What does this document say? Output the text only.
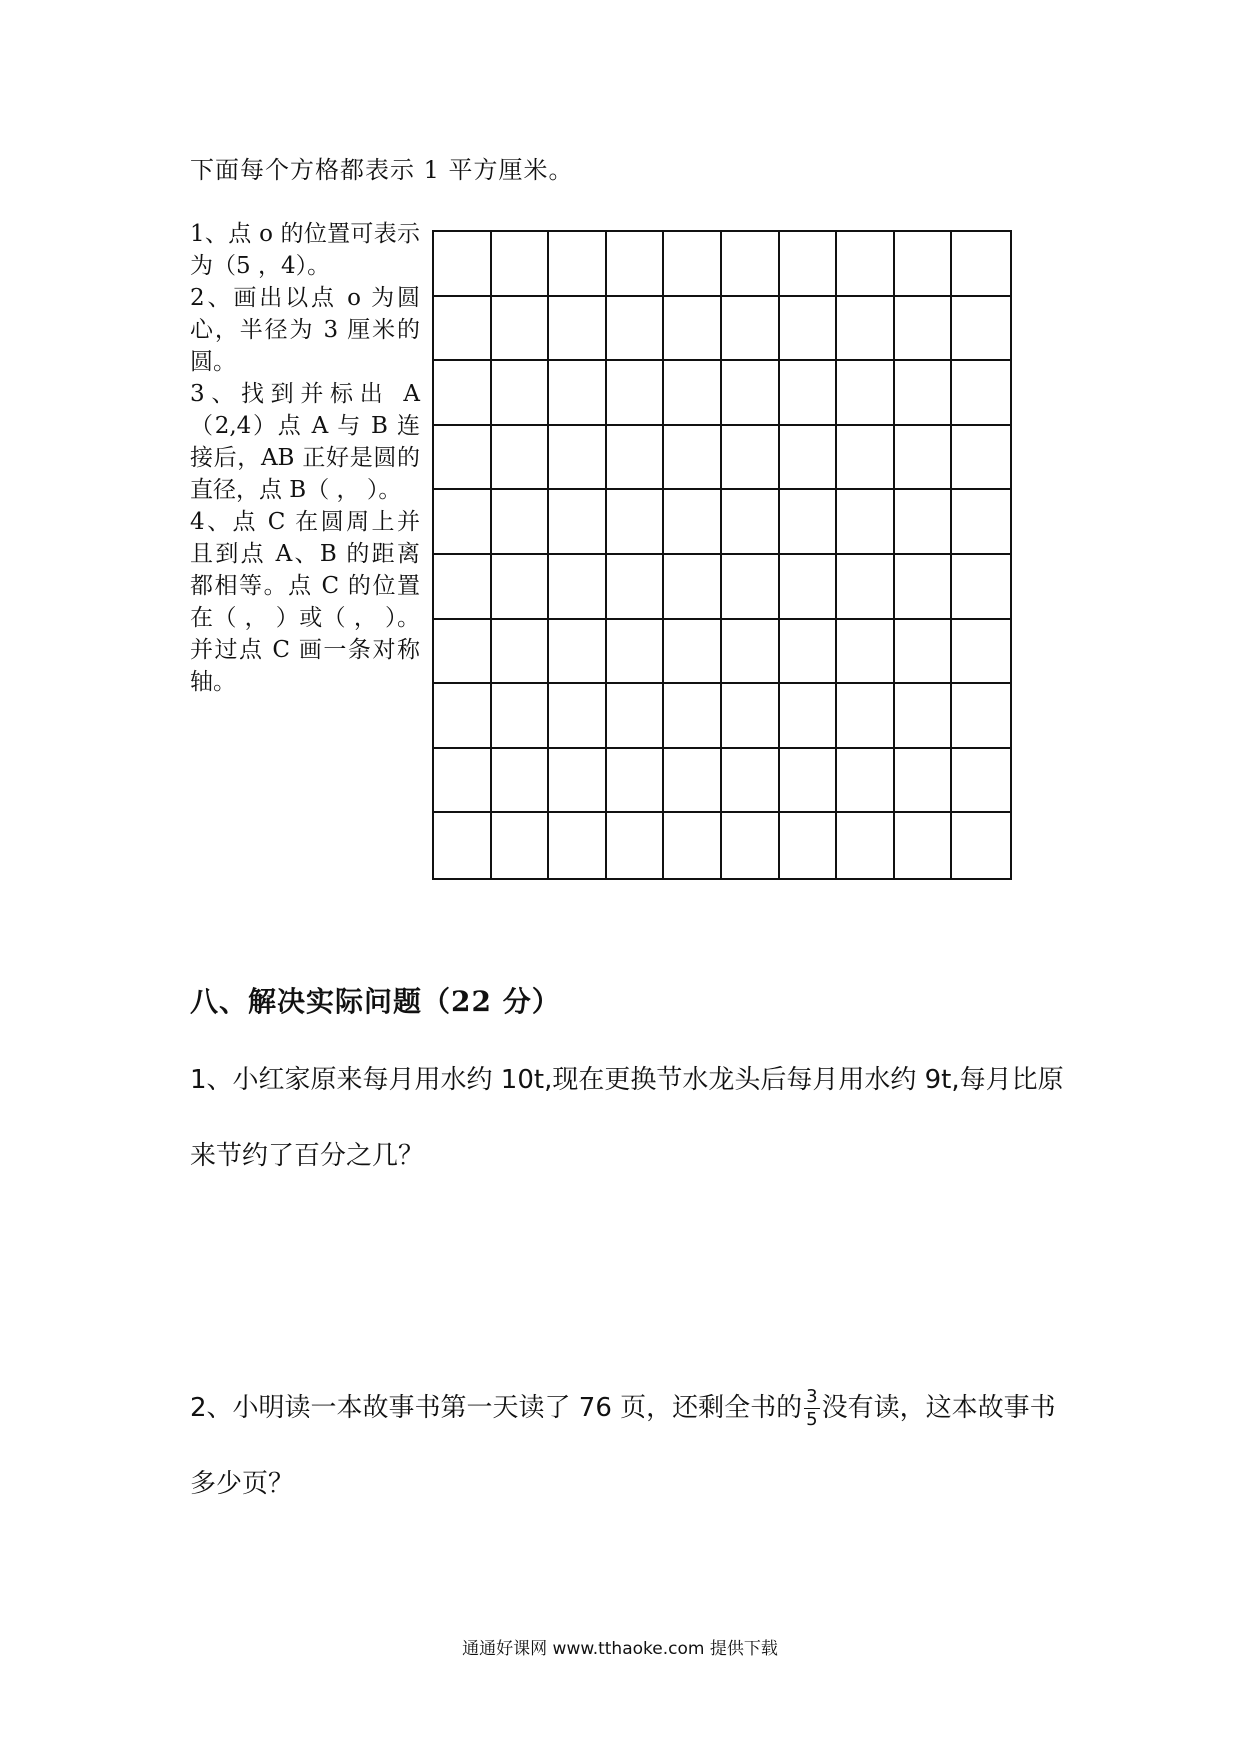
下面每个方格都表示 1 平方厘米。
1、点 o 的位置可表示为（5 ，4）。
2、画出以点 o 为圆心，半径为 3 厘米的圆。
3、找到并标出 A（2,4）点 A 与 B 连接后，AB 正好是圆的直径，点 B（ ， ）。
4、点 C 在圆周上并且到点 A、B 的距离都相等。点 C 的位置在（ ， ）或（ ， ）。并过点 C 画一条对称轴。
八、解决实际问题（22 分）
1、小红家原来每月用水约 10t,现在更换节水龙头后每月用水约 9t,每月比原来节约了百分之几？
2、小明读一本故事书第一天读了 76 页，还剩全书的 $\frac{3}{5}$ 没有读，这本故事书多少页？
通通好课网 www.tthaoke.com 提供下载
